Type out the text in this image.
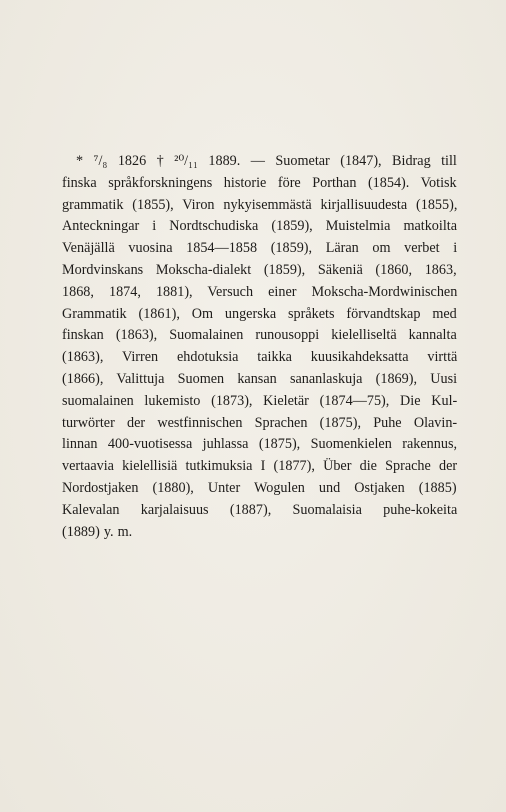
* ⁷/₈ 1826 † ²⁰/₁₁ 1889. — Suometar (1847), Bidrag till
finska språkforskningens historie före Porthan (1854). Votisk
grammatik (1855), Viron nykyisemmästä kirjallisuudesta (1855),
Anteckningar i Nordtschudiska (1859), Muistelmia matkoilta
Venäjällä vuosina 1854—1858 (1859), Läran om verbet i
Mordvinskans Mokscha-dialekt (1859), Säkeniä (1860, 1863,
1868, 1874, 1881), Versuch einer Mokscha-Mordwinischen
Grammatik (1861), Om ungerska språkets förvandtskap med
finskan (1863), Suomalainen runousoppi kielelliseltä kannalta
(1863), Virren ehdotuksia taikka kuusikahdeksatta virttä
(1866), Valittuja Suomen kansan sananlaskuja (1869), Uusi
suomalainen lukemisto (1873), Kieletär (1874—75), Die Kul-
turwörter der westfinnischen Sprachen (1875), Puhe Olavin-
linnan 400-vuotisessa juhlassa (1875), Suomenkielen rakennus,
vertaavia kielellisiä tutkimuksia I (1877), Über die Sprache der
Nordostjaken (1880), Unter Wogulen und Ostjaken (1885)
Kalevalan karjalaisuus (1887), Suomalaisia puhe-kokeita
(1889) y. m.
